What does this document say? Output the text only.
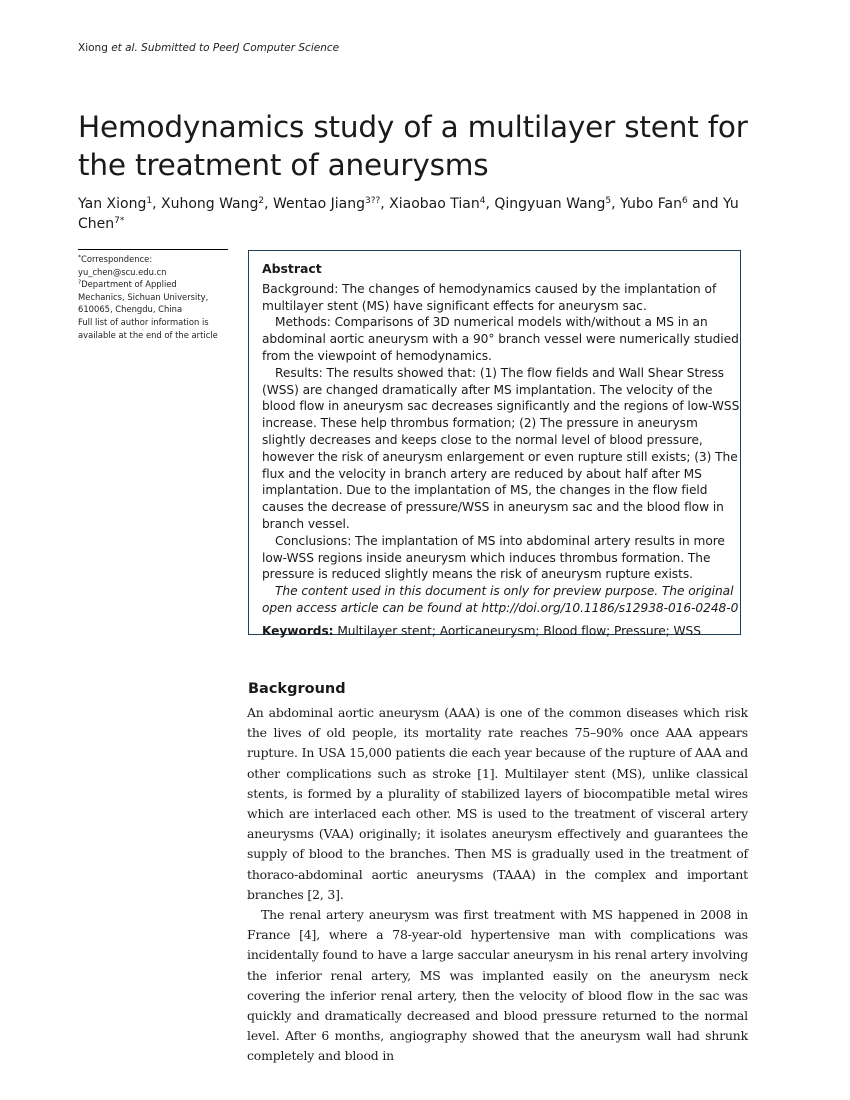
Xiong et al. Submitted to PeerJ Computer Science
Hemodynamics study of a multilayer stent for the treatment of aneurysms
Yan Xiong$^1$, Xuhong Wang$^2$, Wentao Jiang$^{3??}$, Xiaobao Tian$^4$, Qingyuan Wang$^5$, Yubo Fan$^6$ and Yu Chen$^{7*}$
*Correspondence:
yu_chen@scu.edu.cn
?Department of Applied
Mechanics, Sichuan University,
610065, Chengdu, China
Full list of author information is
available at the end of the article
Abstract

Background: The changes of hemodynamics caused by the implantation of multilayer stent (MS) have significant effects for aneurysm sac.

Methods: Comparisons of 3D numerical models with/without a MS in an abdominal aortic aneurysm with a 90° branch vessel were numerically studied from the viewpoint of hemodynamics.

Results: The results showed that: (1) The flow fields and Wall Shear Stress (WSS) are changed dramatically after MS implantation. The velocity of the blood flow in aneurysm sac decreases significantly and the regions of low-WSS increase. These help thrombus formation; (2) The pressure in aneurysm slightly decreases and keeps close to the normal level of blood pressure, however the risk of aneurysm enlargement or even rupture still exists; (3) The flux and the velocity in branch artery are reduced by about half after MS implantation. Due to the implantation of MS, the changes in the flow field causes the decrease of pressure/WSS in aneurysm sac and the blood flow in branch vessel.

Conclusions: The implantation of MS into abdominal artery results in more low-WSS regions inside aneurysm which induces thrombus formation. The pressure is reduced slightly means the risk of aneurysm rupture exists.

The content used in this document is only for preview purpose. The original open access article can be found at http://doi.org/10.1186/s12938-016-0248-0

Keywords: Multilayer stent; Aorticaneurysm; Blood flow; Pressure; WSS

Background

An abdominal aortic aneurysm (AAA) is one of the common diseases which risk the lives of old people, its mortality rate reaches 75–90% once AAA appears rupture. In USA 15,000 patients die each year because of the rupture of AAA and other complications such as stroke [1]. Multilayer stent (MS), unlike classical stents, is formed by a plurality of stabilized layers of biocompatible metal wires which are interlaced each other. MS is used to the treatment of visceral artery aneurysms (VAA) originally; it isolates aneurysm effectively and guarantees the supply of blood to the branches. Then MS is gradually used in the treatment of thoraco-abdominal aortic aneurysms (TAAA) in the complex and important branches [2, 3].

The renal artery aneurysm was first treatment with MS happened in 2008 in France [4], where a 78-year-old hypertensive man with complications was incidentally found to have a large saccular aneurysm in his renal artery involving the inferior renal artery, MS was implanted easily on the aneurysm neck covering the inferior renal artery, then the velocity of blood flow in the sac was quickly and dramatically decreased and blood pressure returned to the normal level. After 6 months, angiography showed that the aneurysm wall had shrunk completely and blood in
